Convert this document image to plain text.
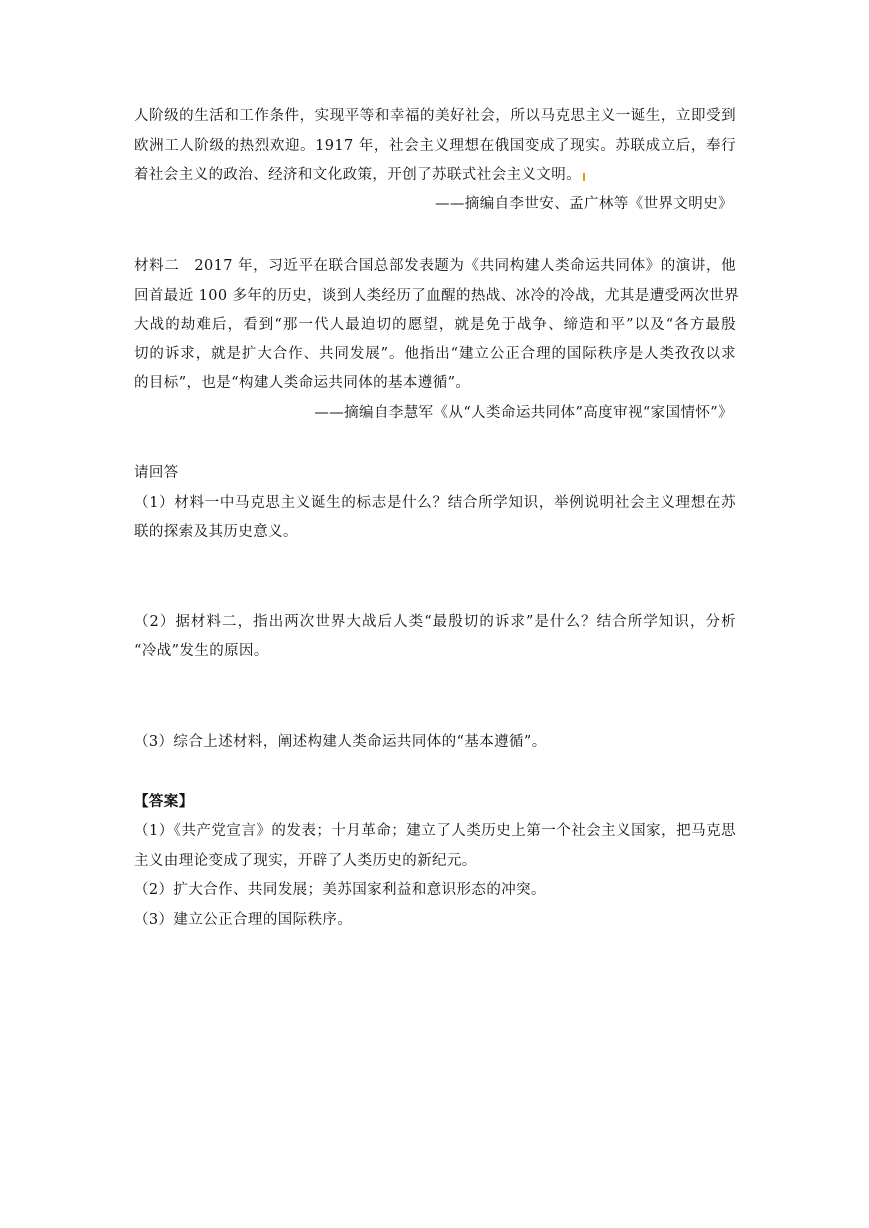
人阶级的生活和工作条件，实现平等和幸福的美好社会，所以马克思主义一诞生，立即受到
欧洲工人阶级的热烈欢迎。1917 年，社会主义理想在俄国变成了现实。苏联成立后，奉行
着社会主义的政治、经济和文化政策，开创了苏联式社会主义文明。
——摘编自李世安、孟广林等《世界文明史》
材料二　2017 年，习近平在联合国总部发表题为《共同构建人类命运共同体》的演讲，他
回首最近 100 多年的历史，谈到人类经历了血醒的热战、冰冷的冷战，尤其是遭受两次世界
大战的劫难后，看到“那一代人最迫切的愿望，就是免于战争、缔造和平”以及“各方最殷
切的诉求，就是扩大合作、共同发展”。他指出“建立公正合理的国际秩序是人类孜孜以求
的目标”，也是“构建人类命运共同体的基本遵循”。
——摘编自李慧军《从“人类命运共同体”高度审视“家国情怀”》
请回答
（1）材料一中马克思主义诞生的标志是什么？结合所学知识，举例说明社会主义理想在苏
联的探索及其历史意义。
（2）据材料二，指出两次世界大战后人类“最殷切的诉求”是什么？结合所学知识，分析
“冷战”发生的原因。
（3）综合上述材料，阐述构建人类命运共同体的“基本遵循”。
【答案】
（1）《共产党宣言》的发表；十月革命；建立了人类历史上第一个社会主义国家，把马克思
主义由理论变成了现实，开辟了人类历史的新纪元。
（2）扩大合作、共同发展；美苏国家利益和意识形态的冲突。
（3）建立公正合理的国际秩序。
